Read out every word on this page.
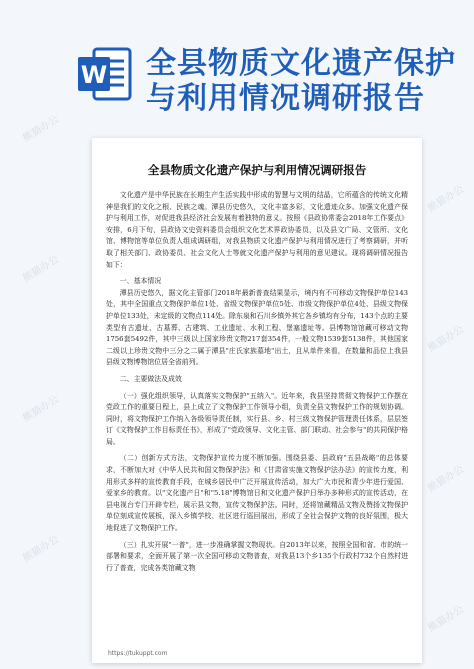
W 全县物质文化遗产保护
与利用情况调研报告
熊猫办公
熊猫办公
熊猫办公
熊猫办公
熊猫办公
熊猫办公
熊猫办公
熊猫办公
全县物质文化遗产保护与利用情况调研报告

文化遗产是中华民族在长期生产生活实践中形成的智慧与文明的结晶，它所蕴含的传统文化精神是我们的文化之根、民族之魂。潭县历史悠久，文化丰富多彩，文化遗迹众多。加强文化遗产保护与利用工作，对促进我县经济社会发展有着独特的意义。按照《县政协常委会2018年工作要点》安排，6月下旬，县政协文史资料委员会组织文化艺术界政协委员，以及县文广局、文管所、文化馆、博物馆等单位负责人组成调研组，对我县物质文化遗产保护与利用情况进行了考察调研，并听取了相关部门、政协委员、社会文化人士等就文化遗产保护与利用的意见建议。现将调研情况报告如下：

一、基本情况

潭县历史悠久，据文化主管部门2018年最新普查结果显示，境内有不可移动文物保护单位143处，其中全国重点文物保护单位1处、省级文物保护单位5处、市级文物保护单位4处、县级文物保护单位133处，未定级的文物点114处。除东泉和石川乡镇外其它各乡镇均有分布，143个点的主要类型有古遗址、古墓葬、古建筑、工业遗址、水利工程、堡塞遗址等。县博物馆馆藏可移动文物1756套5492件，其中三级以上国家珍贵文物217套354件，一般文物1539套5138件，其他国家二级以上珍贵文物中三分之二属于潭县"庄氏家族墓地"出土，且从单件来看，在数量和品位上我县县级文物博物馆位居全省前列。

二、主要做法及成效

（一）强化组织领导，认真落实文物保护"五纳入"。近年来，我县坚持贯彻文物保护工作摆在党政工作的重要日程上，县上成立了文物保护工作领导小组，负责全县文物保护工作的规划协调。同时，将文物保护工作纳入各级领导责任制，实行县、乡、村三级文物保护管理责任体系，层层签订《文物保护工作目标责任书》，形成了"党政领导、文化主管、部门联动、社会参与"的共同保护格局。

（二）创新方式方法，文物保护宣传力度不断加强。围绕县委、县政府"五县战略"的总体要求，不断加大对《中华人民共和国文物保护法》和《甘肃省实施文物保护法办法》的宣传力度，利用形式多样的宣传教育手段，在城乡居民中广泛开展宣传活动，加大广大市民和青少年进行爱国、爱家乡的教育。以"文化遗产日"和"5.18"博物馆日和文化遗产保护日举办多种形式的宣传活动，在县电视台专门开辟专栏，展示县文物，宣传文物保护法。同时，还将馆藏精品文物及赞扬文物保护单位刻成宣传展板，深入乡镇学校、社区进行巡回展出，形成了全社会保护文物的良好氛围，极大地促进了文物保护工作。

（三）扎实开展"一普"，进一步准确掌握文物现状。自2013年以来，按照全国和省、市的统一部署和要求，全面开展了第一次全国可移动文物普查，对我县13个乡135个行政村732个自然村进行了普查，完成各类馆藏文物

https://tukuppt.com
